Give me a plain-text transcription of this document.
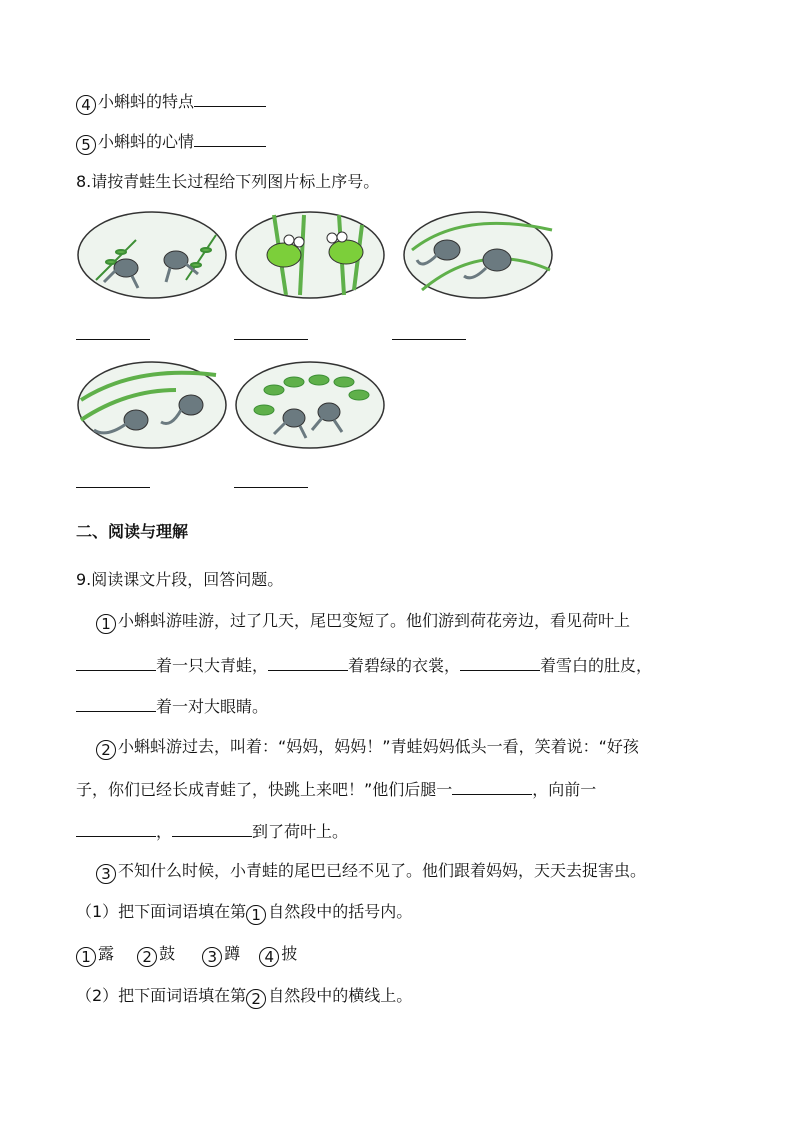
4 小蝌蚪的特点
5 小蝌蚪的心情
8.请按青蛙生长过程给下列图片标上序号。
二、阅读与理解
9.阅读课文片段，回答问题。
1 小蝌蚪游哇游，过了几天，尾巴变短了。他们游到荷花旁边，看见荷叶上
着一只大青蛙，	着碧绿的衣裳，	着雪白的肚皮，
着一对大眼睛。
2 小蝌蚪游过去，叫着：“妈妈，妈妈！”青蛙妈妈低头一看，笑着说：“好孩
子，你们已经长成青蛙了，快跳上来吧！”他们后腿一	，向前一
，	到了荷叶上。
3 不知什么时候，小青蛙的尾巴已经不见了。他们跟着妈妈，天天去捉害虫。
（1）把下面词语填在第 1 自然段中的括号内。
1 露 2 鼓 3 蹲 4 披
（2）把下面词语填在第 2 自然段中的横线上。
